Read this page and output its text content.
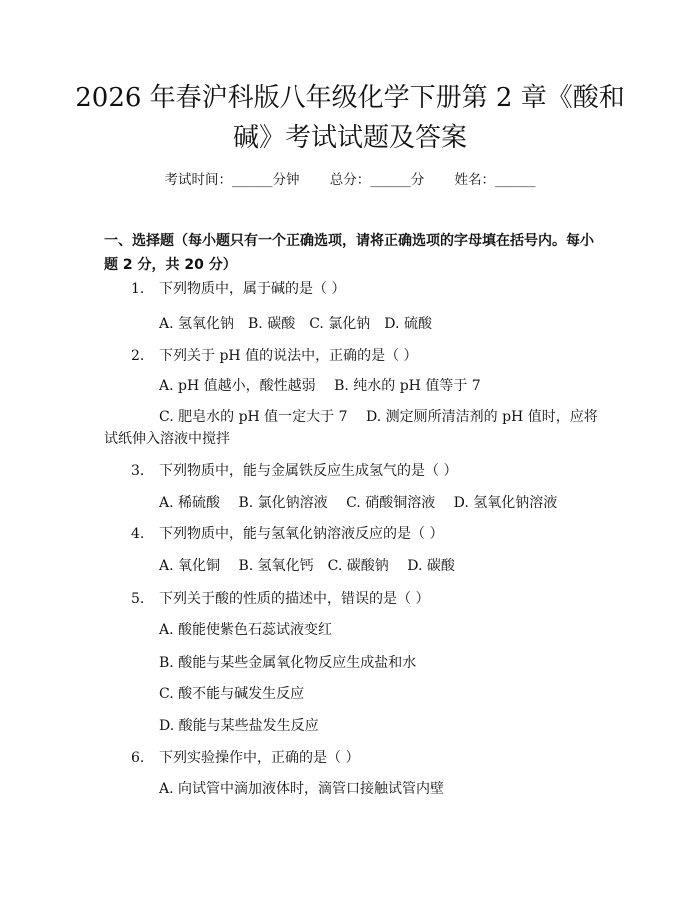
2026 年春沪科版八年级化学下册第 2 章《酸和碱》考试试题及答案
考试时间：______分钟 总分：______分 姓名：______
一、选择题（每小题只有一个正确选项，请将正确选项的字母填在括号内。每小题 2 分，共 20 分）
1. 下列物质中，属于碱的是（ ）
A. 氢氧化钠　B. 碳酸　C. 氯化钠　D. 硫酸
2. 下列关于 pH 值的说法中，正确的是（ ）
A. pH 值越小，酸性越弱　 B. 纯水的 pH 值等于 7
C. 肥皂水的 pH 值一定大于 7　 D. 测定厕所清洁剂的 pH 值时，应将试纸伸入溶液中搅拌
3. 下列物质中，能与金属铁反应生成氢气的是（ ）
A. 稀硫酸　 B. 氯化钠溶液　 C. 硝酸铜溶液　 D. 氢氧化钠溶液
4. 下列物质中，能与氢氧化钠溶液反应的是（ ）
A. 氧化铜　 B. 氢氧化钙　C. 碳酸钠　 D. 碳酸
5. 下列关于酸的性质的描述中，错误的是（ ）
A. 酸能使紫色石蕊试液变红
B. 酸能与某些金属氧化物反应生成盐和水
C. 酸不能与碱发生反应
D. 酸能与某些盐发生反应
6. 下列实验操作中，正确的是（ ）
A. 向试管中滴加液体时，滴管口接触试管内壁
